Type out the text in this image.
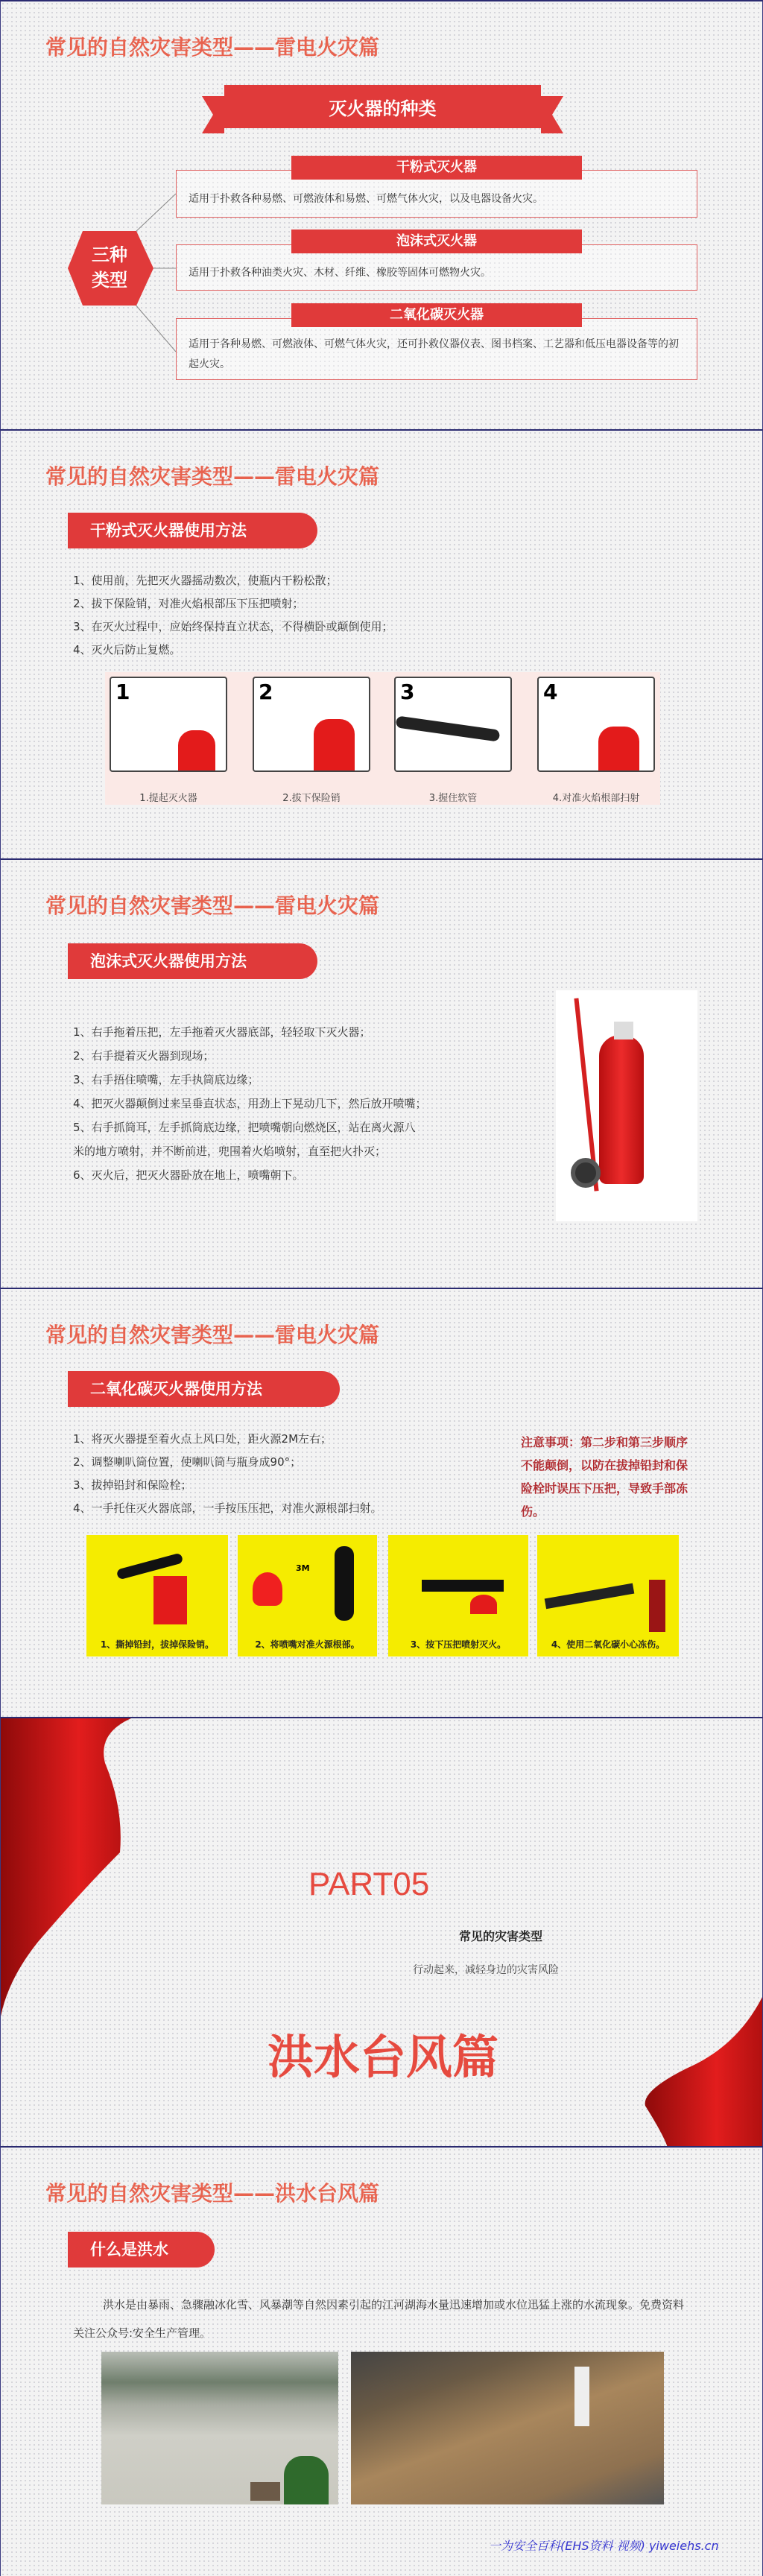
常见的自然灾害类型——雷电火灾篇
灭火器的种类
三种类型
适用于扑救各种易燃、可燃液体和易燃、可燃气体火灾，以及电器设备火灾。
干粉式灭火器
适用于扑救各种油类火灾、木材、纤维、橡胶等固体可燃物火灾。
泡沫式灭火器
适用于各种易燃、可燃液体、可燃气体火灾，还可扑救仪器仪表、图书档案、工艺器和低压电器设备等的初起火灾。
二氧化碳灭火器
常见的自然灾害类型——雷电火灾篇
干粉式灭火器使用方法
1、使用前，先把灭火器摇动数次，使瓶内干粉松散；
2、拔下保险销，对准火焰根部压下压把喷射；
3、在灭火过程中，应始终保持直立状态，不得横卧或颠倒使用；
4、灭火后防止复燃。
1	2	3	4
1.提起灭火器	2.拔下保险销	3.握住软管	4.对准火焰根部扫射
常见的自然灾害类型——雷电火灾篇
泡沫式灭火器使用方法
1、右手拖着压把，左手拖着灭火器底部，轻轻取下灭火器；
2、右手提着灭火器到现场；
3、右手捂住喷嘴，左手执筒底边缘；
4、把灭火器颠倒过来呈垂直状态，用劲上下晃动几下，然后放开喷嘴；
5、右手抓筒耳，左手抓筒底边缘，把喷嘴朝向燃烧区，站在离火源八
米的地方喷射，并不断前进，兜围着火焰喷射，直至把火扑灭；
6、灭火后，把灭火器卧放在地上，喷嘴朝下。
常见的自然灾害类型——雷电火灾篇
二氧化碳灭火器使用方法
1、将灭火器提至着火点上风口处，距火源2M左右；
2、调整喇叭筒位置，使喇叭筒与瓶身成90°；
3、拔掉铅封和保险栓；
4、一手托住灭火器底部，一手按压压把，对准火源根部扫射。
注意事项：第二步和第三步顺序不能颠倒，以防在拔掉铅封和保险栓时误压下压把，导致手部冻伤。
1、撕掉铅封，拔掉保险销。
3M
2、将喷嘴对准火源根部。	3、按下压把喷射灭火。	4、使用二氧化碳小心冻伤。
PART05
常见的灾害类型
行动起来，减轻身边的灾害风险
洪水台风篇
常见的自然灾害类型——洪水台风篇
什么是洪水
洪水是由暴雨、急骤融冰化雪、风暴潮等自然因素引起的江河湖海水量迅速增加或水位迅猛上涨的水流现象。免费资料关注公众号:安全生产管理。
一为安全百科(EHS资料 视频) yiweiehs.cn
